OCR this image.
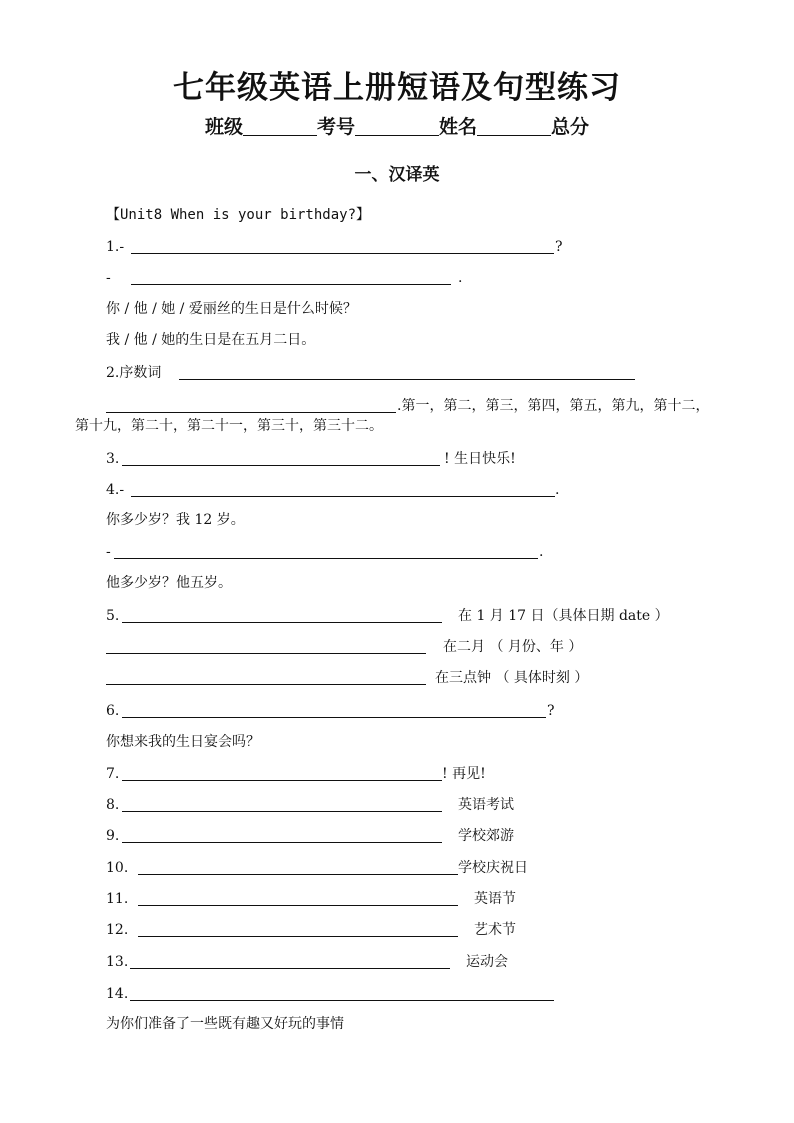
七年级英语上册短语及句型练习
班级	考号	姓名	总分
一、汉译英
【Unit8 When is your birthday?】
1.-	?
-	.
你 / 他 / 她 / 爱丽丝的生日是什么时候？
我 / 他 / 她的生日是在五月二日。
2.序数词
.第一，第二，第三，第四，第五，第九，第十二，
第十九，第二十，第二十一，第三十，第三十二。
3.	! 生日快乐!
4.-	.
你多少岁？我 12 岁。
-	.
他多少岁？他五岁。
5.	在 1 月 17 日（具体日期 date ）
在二月 （ 月份、年 ）
在三点钟 （ 具体时刻 ）
6.	?
你想来我的生日宴会吗？
7.	! 再见!
8.	英语考试
9.	学校郊游
10.	学校庆祝日
11.	英语节
12.	艺术节
13.	运动会
14.
为你们准备了一些既有趣又好玩的事情
